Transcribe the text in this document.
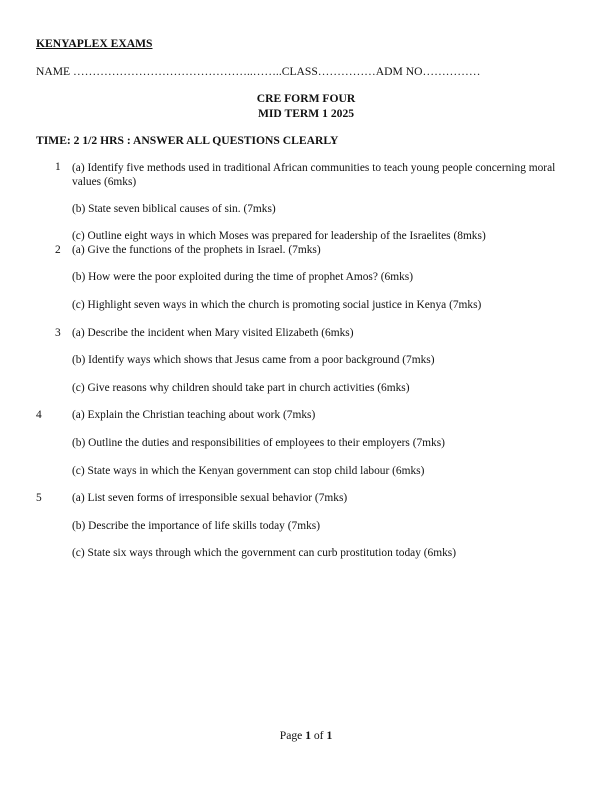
KENYAPLEX EXAMS
NAME ………………………………………..……..CLASS……………ADM NO……………
CRE FORM FOUR
MID TERM 1 2025
TIME: 2 1/2 HRS : ANSWER ALL QUESTIONS CLEARLY
1 (a) Identify five methods used in traditional African communities to teach young people concerning moral values (6mks)
(b) State seven biblical causes of sin. (7mks)
(c) Outline eight ways in which Moses was prepared for leadership of the Israelites (8mks)
2 (a) Give the functions of the prophets in Israel. (7mks)
(b) How were the poor exploited during the time of prophet Amos? (6mks)
(c) Highlight seven ways in which the church is promoting social justice in Kenya (7mks)
3 (a) Describe the incident when Mary visited Elizabeth (6mks)
(b) Identify ways which shows that Jesus came from a poor background (7mks)
(c) Give reasons why children should take part in church activities (6mks)
4	(a) Explain the Christian teaching about work (7mks)
(b) Outline the duties and responsibilities of employees to their employers (7mks)
(c) State ways in which the Kenyan government can stop child labour (6mks)
5	(a) List seven forms of irresponsible sexual behavior (7mks)
(b) Describe the importance of life skills today (7mks)
(c) State six ways through which the government can curb prostitution today (6mks)
Page 1 of 1
